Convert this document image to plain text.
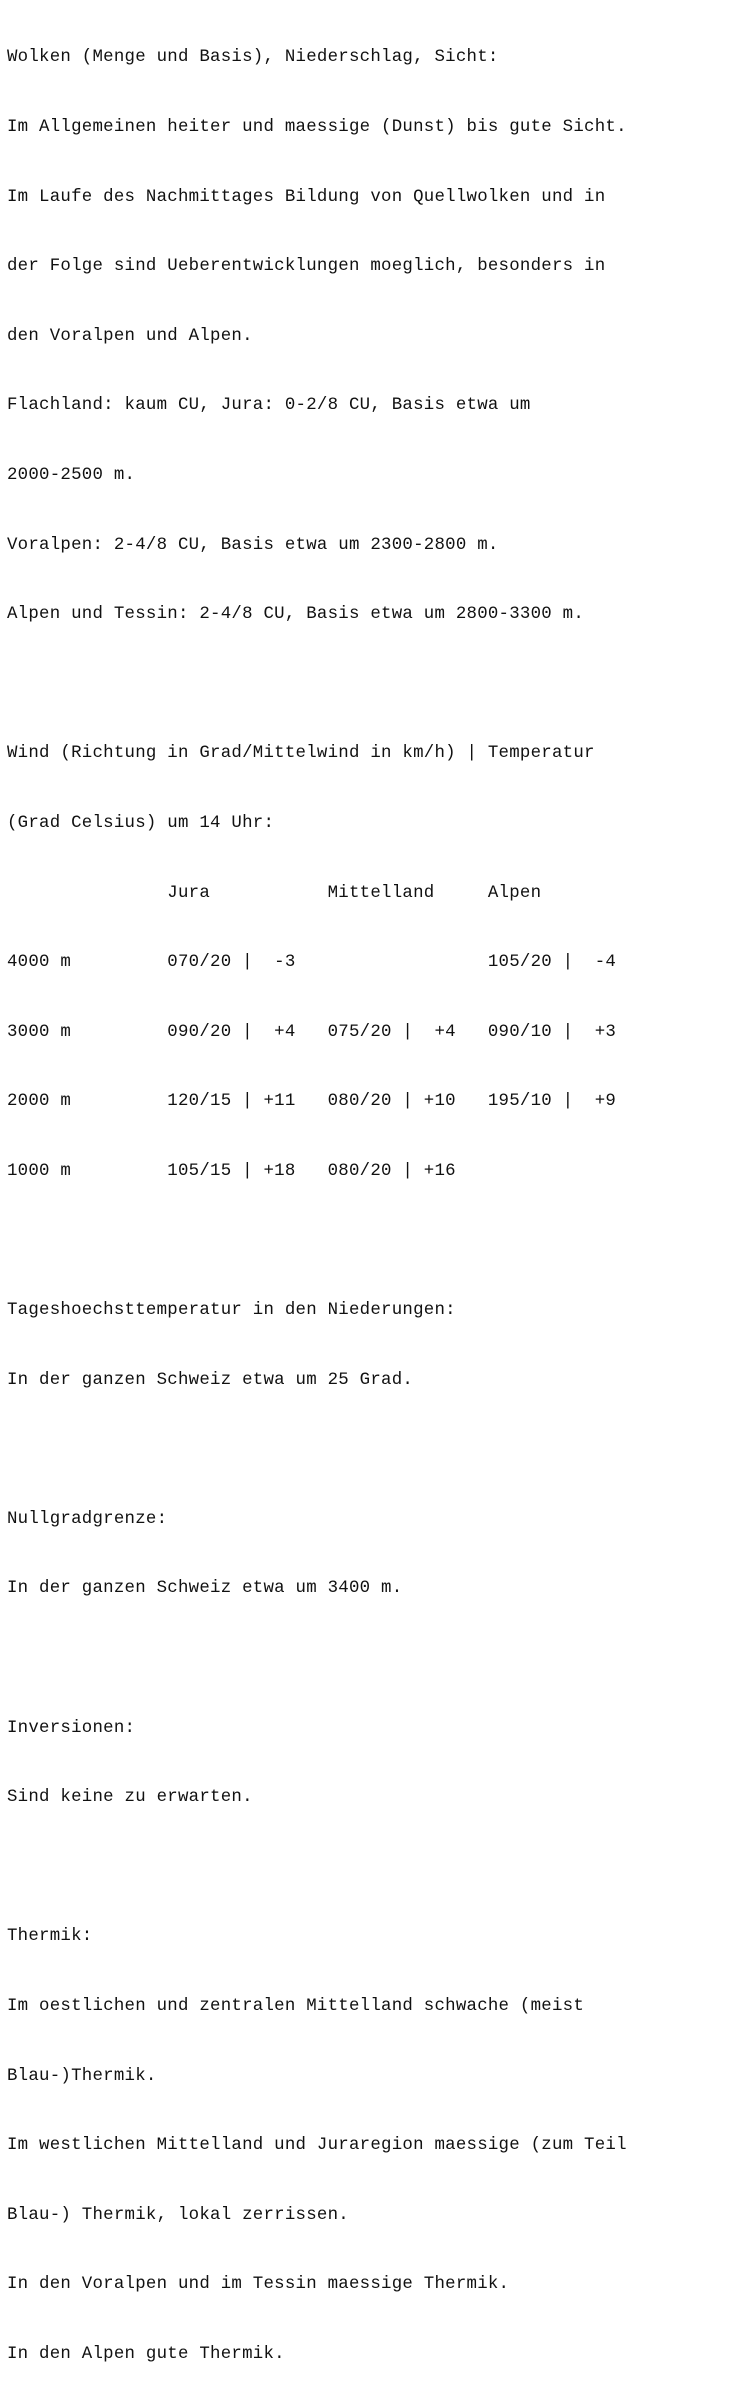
Wolken (Menge und Basis), Niederschlag, Sicht:

Im Allgemeinen heiter und maessige (Dunst) bis gute Sicht.

Im Laufe des Nachmittages Bildung von Quellwolken und in

der Folge sind Ueberentwicklungen moeglich, besonders in

den Voralpen und Alpen.

Flachland: kaum CU, Jura: 0-2/8 CU, Basis etwa um

2000-2500 m.

Voralpen: 2-4/8 CU, Basis etwa um 2300-2800 m.

Alpen und Tessin: 2-4/8 CU, Basis etwa um 2800-3300 m.

Wind (Richtung in Grad/Mittelwind in km/h) | Temperatur

(Grad Celsius) um 14 Uhr:

Jura           Mittelland     Alpen

4000 m         070/20 |  -3                  105/20 |  -4

3000 m         090/20 |  +4   075/20 |  +4   090/10 |  +3

2000 m         120/15 | +11   080/20 | +10   195/10 |  +9

1000 m         105/15 | +18   080/20 | +16

Tageshoechsttemperatur in den Niederungen:

In der ganzen Schweiz etwa um 25 Grad.

Nullgradgrenze:

In der ganzen Schweiz etwa um 3400 m.

Inversionen:

Sind keine zu erwarten.

Thermik:

Im oestlichen und zentralen Mittelland schwache (meist

Blau-)Thermik.

Im westlichen Mittelland und Juraregion maessige (zum Teil

Blau-) Thermik, lokal zerrissen.

In den Voralpen und im Tessin maessige Thermik.

In den Alpen gute Thermik.
